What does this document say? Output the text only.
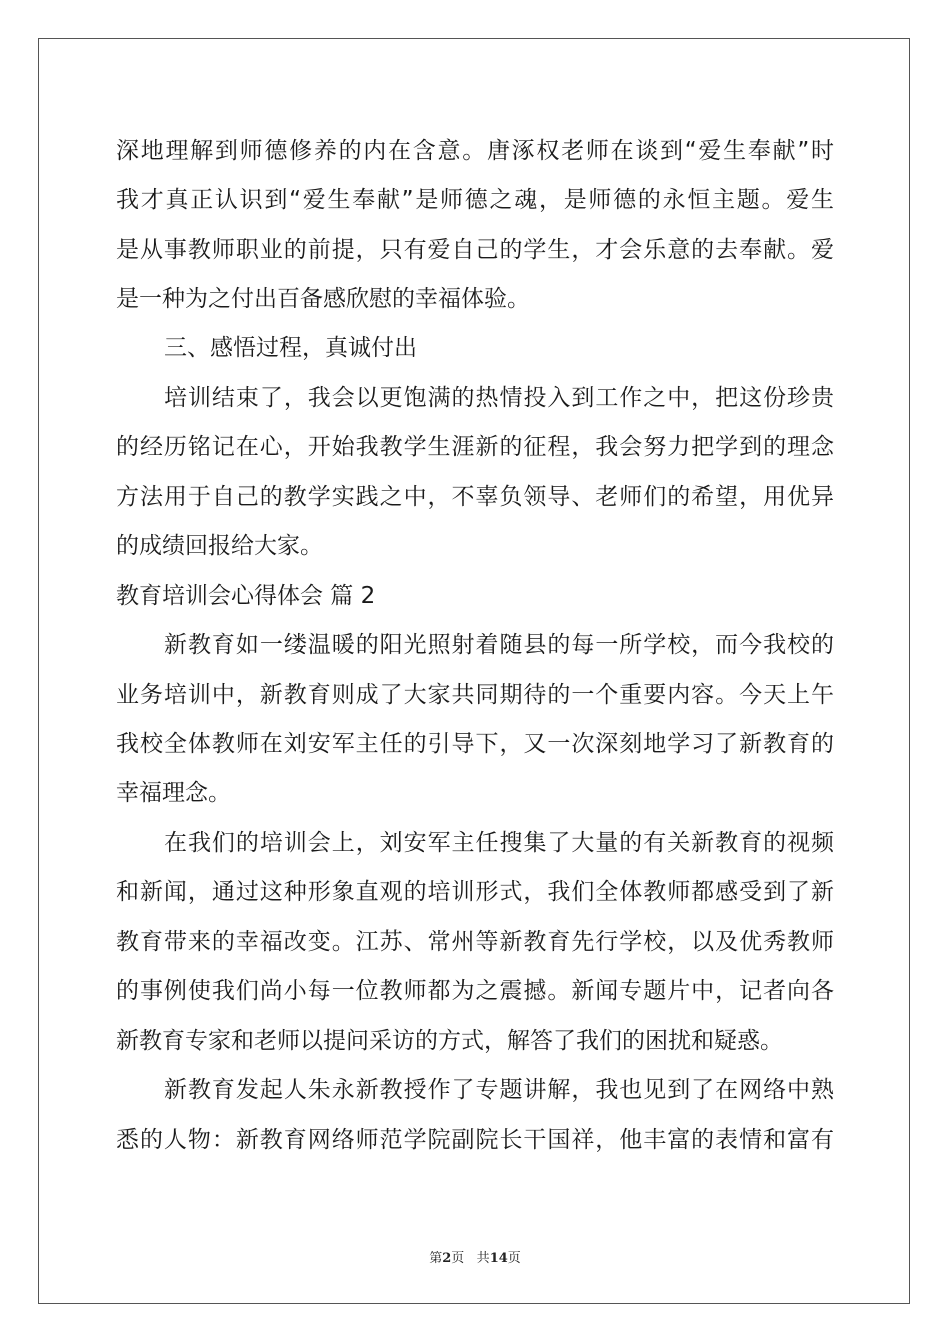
深地理解到师德修养的内在含意。唐涿权老师在谈到“爱生奉献”时
我才真正认识到“爱生奉献”是师德之魂，是师德的永恒主题。爱生
是从事教师职业的前提，只有爱自己的学生，才会乐意的去奉献。爱
是一种为之付出百备感欣慰的幸福体验。
三、感悟过程，真诚付出
培训结束了，我会以更饱满的热情投入到工作之中，把这份珍贵
的经历铭记在心，开始我教学生涯新的征程，我会努力把学到的理念
方法用于自己的教学实践之中，不辜负领导、老师们的希望，用优异
的成绩回报给大家。
教育培训会心得体会 篇 2
新教育如一缕温暖的阳光照射着随县的每一所学校，而今我校的
业务培训中，新教育则成了大家共同期待的一个重要内容。今天上午
我校全体教师在刘安军主任的引导下，又一次深刻地学习了新教育的
幸福理念。
在我们的培训会上，刘安军主任搜集了大量的有关新教育的视频
和新闻，通过这种形象直观的培训形式，我们全体教师都感受到了新
教育带来的幸福改变。江苏、常州等新教育先行学校，以及优秀教师
的事例使我们尚小每一位教师都为之震撼。新闻专题片中，记者向各
新教育专家和老师以提问采访的方式，解答了我们的困扰和疑惑。
新教育发起人朱永新教授作了专题讲解，我也见到了在网络中熟
悉的人物：新教育网络师范学院副院长干国祥，他丰富的表情和富有
第2页 共14页
